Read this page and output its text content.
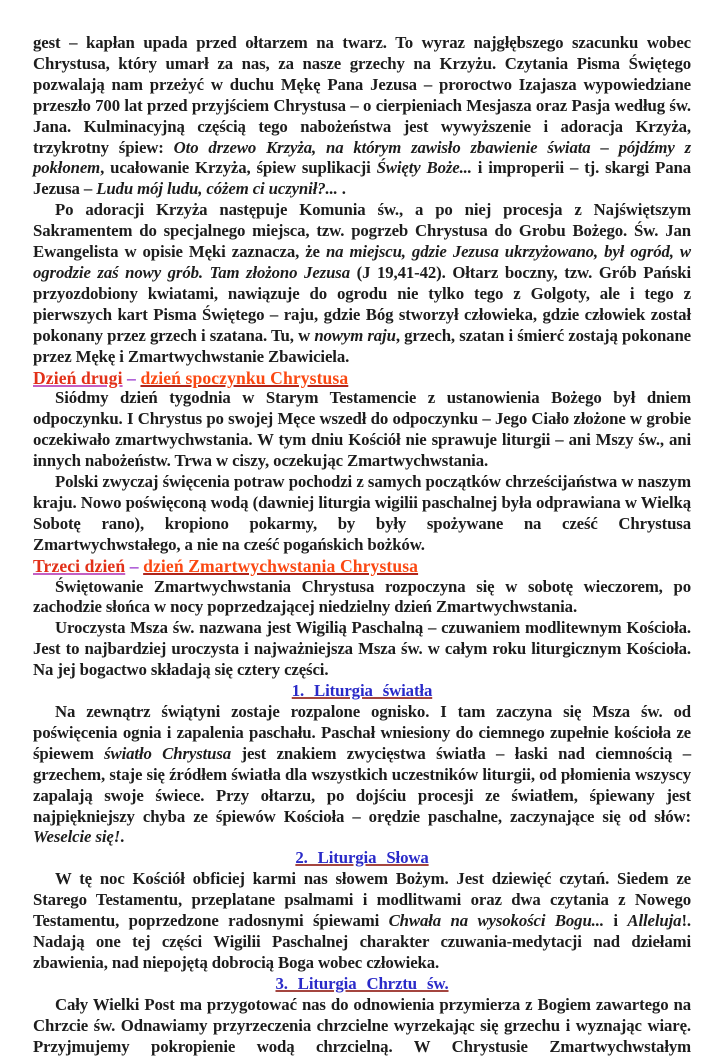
gest – kapłan upada przed ołtarzem na twarz. To wyraz najgłębszego szacunku wobec Chrystusa, który umarł za nas, za nasze grzechy na Krzyżu. Czytania Pisma Świętego pozwalają nam przeżyć w duchu Mękę Pana Jezusa – proroctwo Izajasza wypowiedziane przeszło 700 lat przed przyjściem Chrystusa – o cierpieniach Mesjasza oraz Pasja według św. Jana. Kulminacyjną częścią tego nabożeństwa jest wywyższenie i adoracja Krzyża, trzykrotny śpiew: Oto drzewo Krzyża, na którym zawisło zbawienie świata – pójdźmy z pokłonem, ucałowanie Krzyża, śpiew suplikacji Święty Boże... i improperii – tj. skargi Pana Jezusa – Ludu mój ludu, cóżem ci uczynił?... .

Po adoracji Krzyża następuje Komunia św., a po niej procesja z Najświętszym Sakramentem do specjalnego miejsca, tzw. pogrzeb Chrystusa do Grobu Bożego. Św. Jan Ewangelista w opisie Męki zaznacza, że na miejscu, gdzie Jezusa ukrzyżowano, był ogród, w ogrodzie zaś nowy grób. Tam złożono Jezusa (J 19,41-42). Ołtarz boczny, tzw. Grób Pański przyozdobiony kwiatami, nawiązuje do ogrodu nie tylko tego z Golgoty, ale i tego z pierwszych kart Pisma Świętego – raju, gdzie Bóg stworzył człowieka, gdzie człowiek został pokonany przez grzech i szatana. Tu, w nowym raju, grzech, szatan i śmierć zostają pokonane przez Mękę i Zmartwychwstanie Zbawiciela.

Dzień drugi – dzień spoczynku Chrystusa

Siódmy dzień tygodnia w Starym Testamencie z ustanowienia Bożego był dniem odpoczynku. I Chrystus po swojej Męce wszedł do odpoczynku – Jego Ciało złożone w grobie oczekiwało zmartwychwstania. W tym dniu Kościół nie sprawuje liturgii – ani Mszy św., ani innych nabożeństw. Trwa w ciszy, oczekując Zmartwychwstania.

Polski zwyczaj święcenia potraw pochodzi z samych początków chrześcijaństwa w naszym kraju. Nowo poświęconą wodą (dawniej liturgia wigilii paschalnej była odprawiana w Wielką Sobotę rano), kropiono pokarmy, by były spożywane na cześć Chrystusa Zmartwychwstałego, a nie na cześć pogańskich bożków.

Trzeci dzień – dzień Zmartwychwstania Chrystusa

Świętowanie Zmartwychwstania Chrystusa rozpoczyna się w sobotę wieczorem, po zachodzie słońca w nocy poprzedzającej niedzielny dzień Zmartwychwstania.

Uroczysta Msza św. nazwana jest Wigilią Paschalną – czuwaniem modlitewnym Kościoła. Jest to najbardziej uroczysta i najważniejsza Msza św. w całym roku liturgicznym Kościoła. Na jej bogactwo składają się cztery części.

1. Liturgia światła

Na zewnątrz świątyni zostaje rozpalone ognisko. I tam zaczyna się Msza św. od poświęcenia ognia i zapalenia paschału. Paschał wniesiony do ciemnego zupełnie kościoła ze śpiewem światło Chrystusa jest znakiem zwycięstwa światła – łaski nad ciemnością – grzechem, staje się źródłem światła dla wszystkich uczestników liturgii, od płomienia wszyscy zapalają swoje świece. Przy ołtarzu, po dojściu procesji ze światłem, śpiewany jest najpiękniejszy chyba ze śpiewów Kościoła – orędzie paschalne, zaczynające się od słów: Weselcie się!.

2. Liturgia Słowa

W tę noc Kościół obficiej karmi nas słowem Bożym. Jest dziewięć czytań. Siedem ze Starego Testamentu, przeplatane psalmami i modlitwami oraz dwa czytania z Nowego Testamentu, poprzedzone radosnymi śpiewami Chwała na wysokości Bogu... i Alleluja!. Nadają one tej części Wigilii Paschalnej charakter czuwania-medytacji nad dziełami zbawienia, nad niepojętą dobrocią Boga wobec człowieka.

3. Liturgia Chrztu św.

Cały Wielki Post ma przygotować nas do odnowienia przymierza z Bogiem zawartego na Chrzcie św. Odnawiamy przyrzeczenia chrzcielne wyrzekając się grzechu i wyznając wiarę. Przyjmujemy pokropienie wodą chrzcielną. W Chrystusie Zmartwychwstałym
